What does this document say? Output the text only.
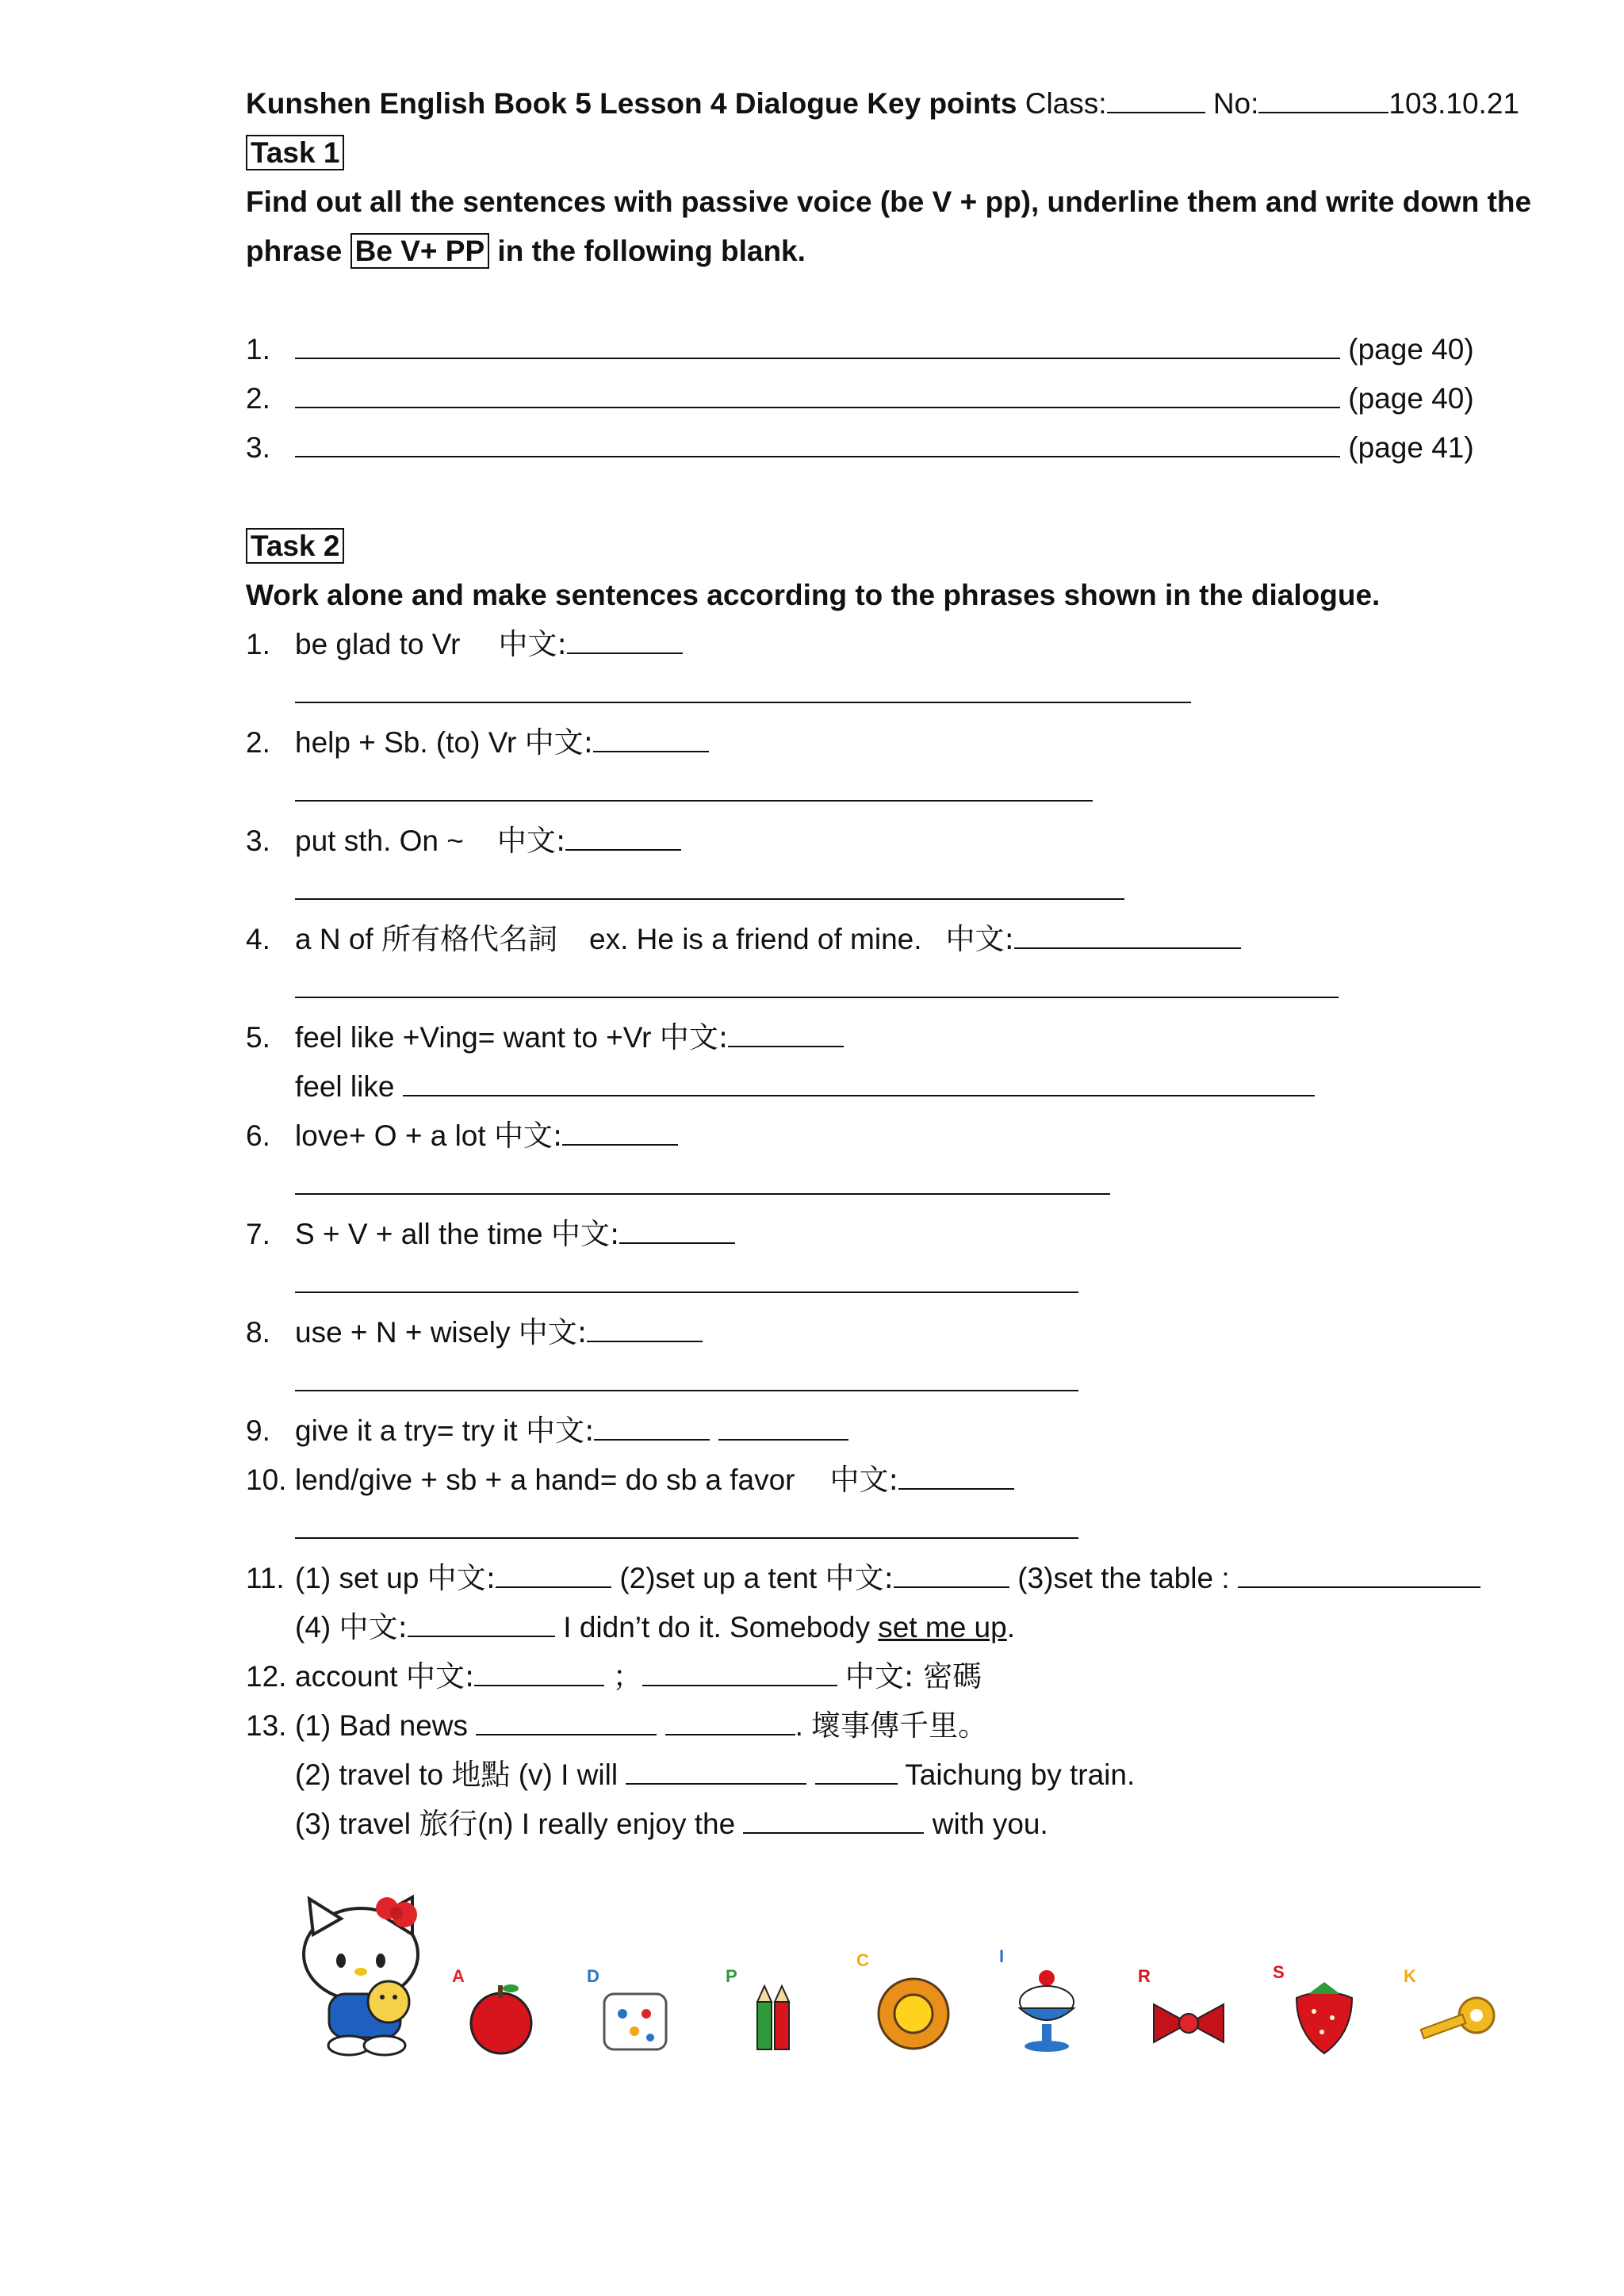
Kunshen English Book 5 Lesson 4 Dialogue Key points Class:	No:	103.10.21
Task 1
Find out all the sentences with passive voice (be V + pp), underline them and write down the
phrase Be V+ PP in the following blank.
1.	(page 40)
2.	(page 40)
3.	(page 41)
Task 2
Work alone and make sentences according to the phrases shown in the dialogue.
1. be glad to Vr 中文:
2. help + Sb. (to) Vr 中文:
3. put sth. On ~ 中文:
4. a N of 所有格代名詞 ex. He is a friend of mine. 中文:
5. feel like +Ving= want to +Vr 中文:
feel like
6. love+ O + a lot 中文:
7. S + V + all the time 中文:
8. use + N + wisely 中文:
9. give it a try= try it 中文:
10. lend/give + sb + a hand= do sb a favor 中文:
11. (1) set up 中文:	(2)set up a tent 中文:	(3)set the table :
(4) 中文:	I didn’t do it. Somebody set me up.
12. account 中文:	；	中文: 密碼
13. (1) Bad news	. 壞事傳千里。
(2) travel to 地點 (v) I will	Taichung by train.
(3) travel 旅行(n) I really enjoy the	with you.
A	D	P
C	I
R	S	K
